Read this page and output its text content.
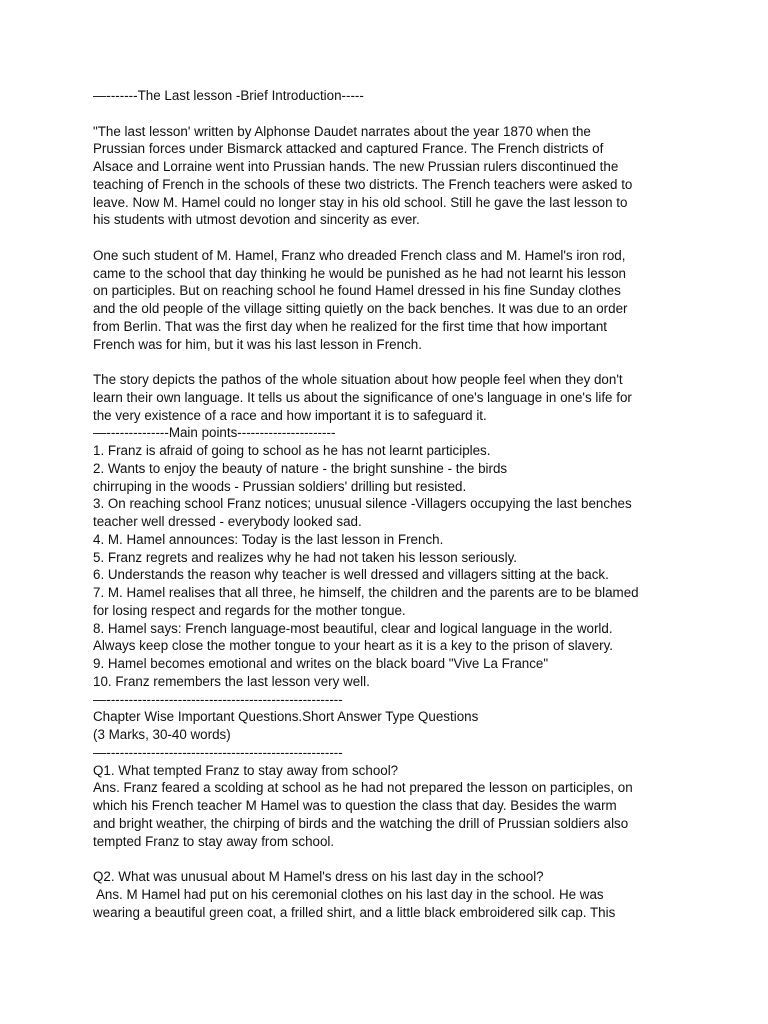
—-------The Last lesson -Brief Introduction-----
"The last lesson' written by Alphonse Daudet narrates about the year 1870 when the
Prussian forces under Bismarck attacked and captured France. The French districts of
Alsace and Lorraine went into Prussian hands. The new Prussian rulers discontinued the
teaching of French in the schools of these two districts. The French teachers were asked to
leave. Now M. Hamel could no longer stay in his old school. Still he gave the last lesson to
his students with utmost devotion and sincerity as ever.
One such student of M. Hamel, Franz who dreaded French class and M. Hamel's iron rod,
came to the school that day thinking he would be punished as he had not learnt his lesson
on participles. But on reaching school he found Hamel dressed in his fine Sunday clothes
and the old people of the village sitting quietly on the back benches. It was due to an order
from Berlin. That was the first day when he realized for the first time that how important
French was for him, but it was his last lesson in French.
The story depicts the pathos of the whole situation about how people feel when they don't
learn their own language. It tells us about the significance of one's language in one's life for
the very existence of a race and how important it is to safeguard it.
—--------------Main points----------------------
1. Franz is afraid of going to school as he has not learnt participles.
2. Wants to enjoy the beauty of nature - the bright sunshine - the birds
chirruping in the woods - Prussian soldiers' drilling but resisted.
3. On reaching school Franz notices; unusual silence -Villagers occupying the last benches
teacher well dressed - everybody looked sad.
4. M. Hamel announces: Today is the last lesson in French.
5. Franz regrets and realizes why he had not taken his lesson seriously.
6. Understands the reason why teacher is well dressed and villagers sitting at the back.
7. M. Hamel realises that all three, he himself, the children and the parents are to be blamed
for losing respect and regards for the mother tongue.
8. Hamel says: French language-most beautiful, clear and logical language in the world.
Always keep close the mother tongue to your heart as it is a key to the prison of slavery.
9. Hamel becomes emotional and writes on the black board "Vive La France"
10. Franz remembers the last lesson very well.
—-----------------------------------------------------
Chapter Wise Important Questions.Short Answer Type Questions
(3 Marks, 30-40 words)
—-----------------------------------------------------
Q1. What tempted Franz to stay away from school?
Ans. Franz feared a scolding at school as he had not prepared the lesson on participles, on
which his French teacher M Hamel was to question the class that day. Besides the warm
and bright weather, the chirping of birds and the watching the drill of Prussian soldiers also
tempted Franz to stay away from school.
Q2. What was unusual about M Hamel's dress on his last day in the school?
Ans. M Hamel had put on his ceremonial clothes on his last day in the school. He was
wearing a beautiful green coat, a frilled shirt, and a little black embroidered silk cap. This
